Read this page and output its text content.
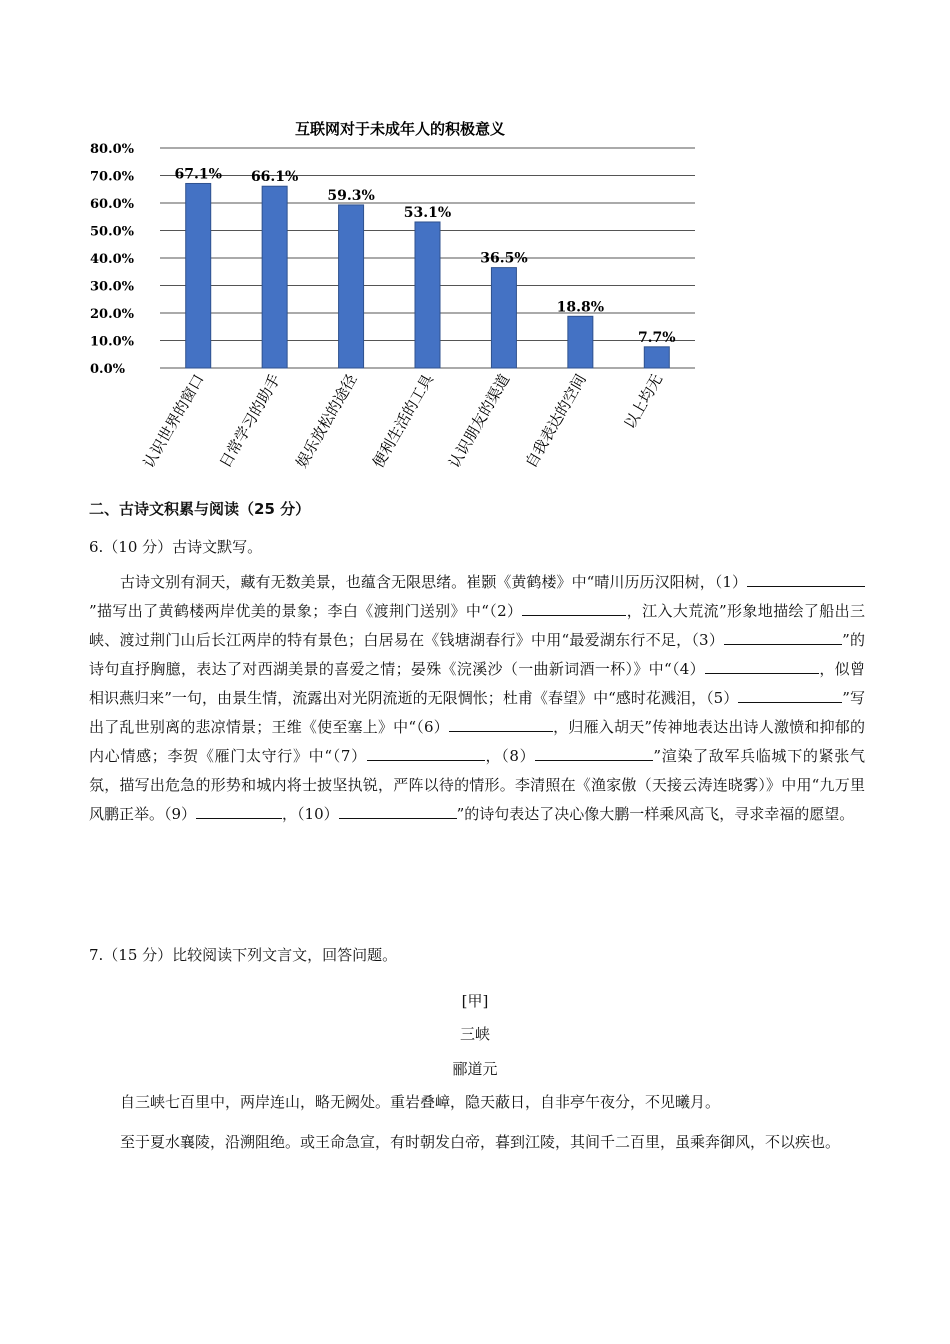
互联网对于未成年人的积极意义
0.0%
10.0%
20.0%
30.0%
40.0%
50.0%
60.0%
70.0%
80.0%
67.1% 66.1%
59.3%
53.1%
36.5%
18.8%
7.7%
认识世界的窗口 日常学习的助手 娱乐放松的途径 便利生活的工具 认识朋友的渠道 自我表达的空间 以上均无
二、古诗文积累与阅读（25 分）
6.（10 分）古诗文默写。
古诗文别有洞天，藏有无数美景，也蕴含无限思绪。崔颢《黄鹤楼》中“晴川历历汉阳树，（1）”描写出了黄鹤楼两岸优美的景象；李白《渡荆门送别》中“（2）	，江入大荒流”形象地描绘了船出三峡、渡过荆门山后长江两岸的特有景色；白居易在《钱塘湖春行》中用“最爱湖东行不足，（3）	”的诗句直抒胸臆，表达了对西湖美景的喜爱之情；晏殊《浣溪沙（一曲新词酒一杯）》中“（4）	，似曾相识燕归来”一句，由景生情，流露出对光阴流逝的无限惆怅；杜甫《春望》中“感时花溅泪，（5）	”写出了乱世别离的悲凉情景；王维《使至塞上》中“（6）	，归雁入胡天”传神地表达出诗人激愤和抑郁的内心情感；李贺《雁门太守行》中“（7）	，（8）	”渲染了敌军兵临城下的紧张气氛，描写出危急的形势和城内将士披坚执锐，严阵以待的情形。李清照在《渔家傲（天接云涛连晓雾）》中用“九万里风鹏正举。（9）	，（10）	”的诗句表达了决心像大鹏一样乘风高飞，寻求幸福的愿望。
7.（15 分）比较阅读下列文言文，回答问题。
[甲]
三峡
郦道元
自三峡七百里中，两岸连山，略无阙处。重岩叠嶂，隐天蔽日，自非亭午夜分，不见曦月。
至于夏水襄陵，沿溯阻绝。或王命急宣，有时朝发白帝，暮到江陵，其间千二百里，虽乘奔御风，不以疾也。
